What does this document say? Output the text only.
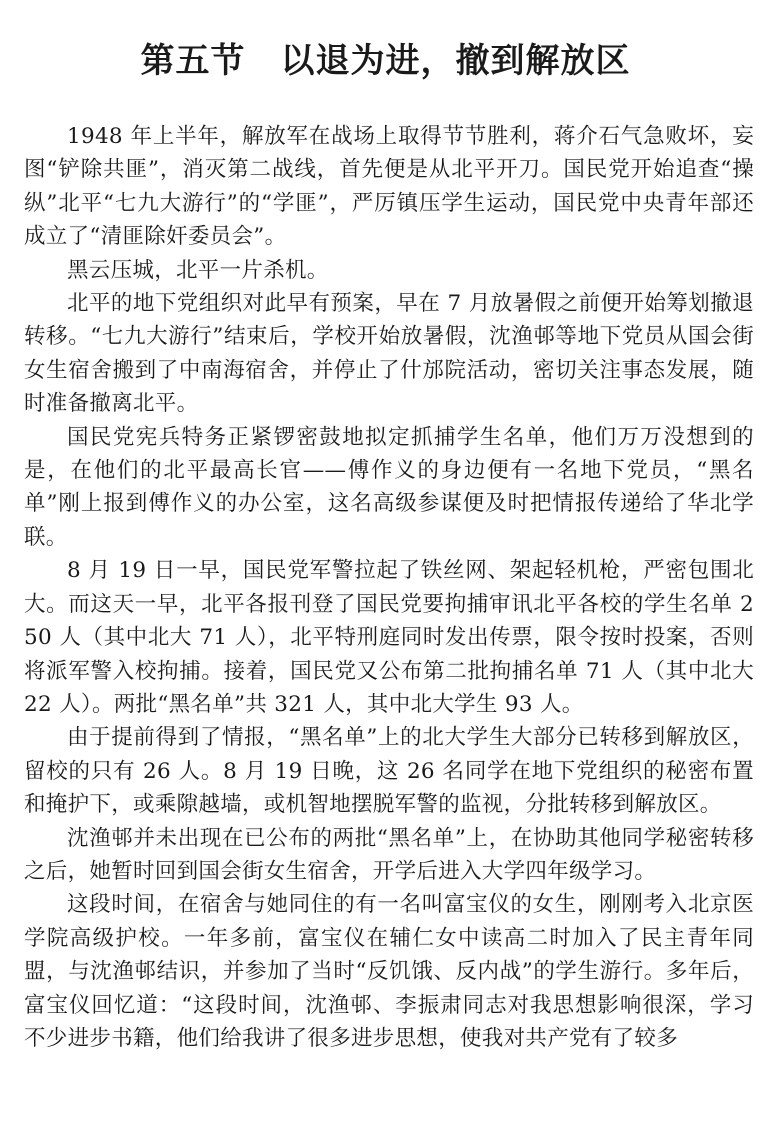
第五节　以退为进，撤到解放区

1948 年上半年，解放军在战场上取得节节胜利，蒋介石气急败坏，妄图“铲除共匪”，消灭第二战线，首先便是从北平开刀。国民党开始追查“操纵”北平“七九大游行”的“学匪”，严厉镇压学生运动，国民党中央青年部还成立了“清匪除奸委员会”。

黑云压城，北平一片杀机。

北平的地下党组织对此早有预案，早在 7 月放暑假之前便开始筹划撤退转移。“七九大游行”结束后，学校开始放暑假，沈渔邨等地下党员从国会街女生宿舍搬到了中南海宿舍，并停止了什邡院活动，密切关注事态发展，随时准备撤离北平。

国民党宪兵特务正紧锣密鼓地拟定抓捕学生名单，他们万万没想到的是，在他们的北平最高长官——傅作义的身边便有一名地下党员，“黑名单”刚上报到傅作义的办公室，这名高级参谋便及时把情报传递给了华北学联。

8 月 19 日一早，国民党军警拉起了铁丝网、架起轻机枪，严密包围北大。而这天一早，北平各报刊登了国民党要拘捕审讯北平各校的学生名单 250 人（其中北大 71 人），北平特刑庭同时发出传票，限令按时投案，否则将派军警入校拘捕。接着，国民党又公布第二批拘捕名单 71 人（其中北大 22 人）。两批“黑名单”共 321 人，其中北大学生 93 人。

由于提前得到了情报，“黑名单”上的北大学生大部分已转移到解放区，留校的只有 26 人。8 月 19 日晚，这 26 名同学在地下党组织的秘密布置和掩护下，或乘隙越墙，或机智地摆脱军警的监视，分批转移到解放区。

沈渔邨并未出现在已公布的两批“黑名单”上，在协助其他同学秘密转移之后，她暂时回到国会街女生宿舍，开学后进入大学四年级学习。

这段时间，在宿舍与她同住的有一名叫富宝仪的女生，刚刚考入北京医学院高级护校。一年多前，富宝仪在辅仁女中读高二时加入了民主青年同盟，与沈渔邨结识，并参加了当时“反饥饿、反内战”的学生游行。多年后，富宝仪回忆道：“这段时间，沈渔邨、李振肃同志对我思想影响很深，学习不少进步书籍，他们给我讲了很多进步思想，使我对共产党有了较多
